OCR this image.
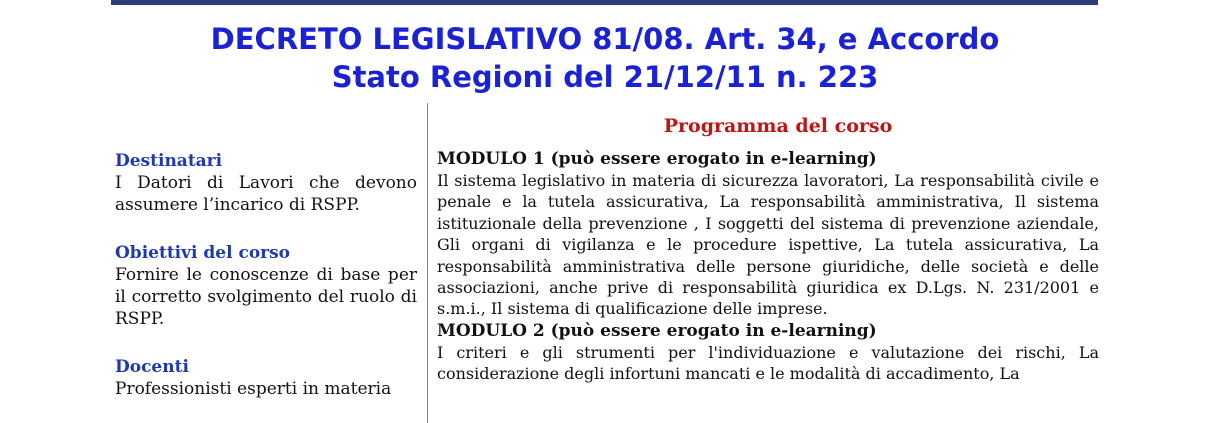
DECRETO LEGISLATIVO 81/08. Art. 34, e Accordo
Stato Regioni del 21/12/11 n. 223
Destinatari
I Datori di Lavori che devono assumere l’incarico di RSPP.
Obiettivi del corso
Fornire le conoscenze di base per il corretto svolgimento del ruolo di RSPP.
Docenti
Professionisti esperti in materia
Programma del corso
MODULO 1 (può essere erogato in e-learning)
Il sistema legislativo in materia di sicurezza lavoratori, La responsabilità civile e penale e la tutela assicurativa, La responsabilità amministrativa, Il sistema istituzionale della prevenzione , I soggetti del sistema di prevenzione aziendale, Gli organi di vigilanza e le procedure ispettive, La tutela assicurativa, La responsabilità amministrativa delle persone giuridiche, delle società e delle associazioni, anche prive di responsabilità giuridica ex D.Lgs. N. 231/2001 e s.m.i., Il sistema di qualificazione delle imprese.
MODULO 2 (può essere erogato in e-learning)
I criteri e gli strumenti per l'individuazione e valutazione dei rischi, La considerazione degli infortuni mancati e le modalità di accadimento, La
